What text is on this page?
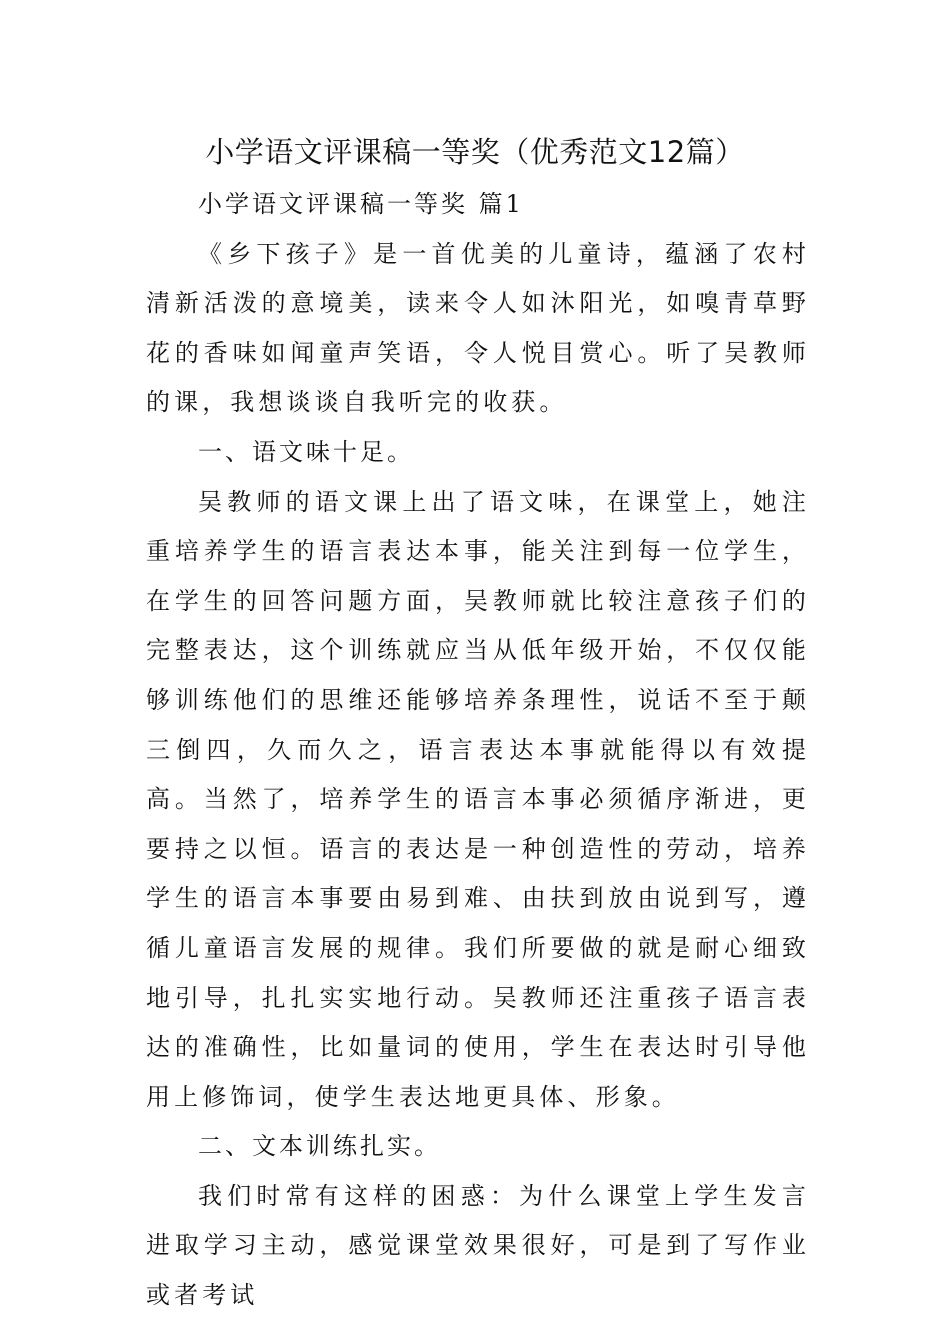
小学语文评课稿一等奖（优秀范文12篇）

小学语文评课稿一等奖 篇1

《乡下孩子》是一首优美的儿童诗，蕴涵了农村清新活泼的意境美，读来令人如沐阳光，如嗅青草野花的香味如闻童声笑语，令人悦目赏心。听了吴教师的课，我想谈谈自我听完的收获。

一、语文味十足。

吴教师的语文课上出了语文味，在课堂上，她注重培养学生的语言表达本事，能关注到每一位学生，在学生的回答问题方面，吴教师就比较注意孩子们的完整表达，这个训练就应当从低年级开始，不仅仅能够训练他们的思维还能够培养条理性，说话不至于颠三倒四，久而久之，语言表达本事就能得以有效提高。当然了，培养学生的语言本事必须循序渐进，更要持之以恒。语言的表达是一种创造性的劳动，培养学生的语言本事要由易到难、由扶到放由说到写，遵循儿童语言发展的规律。我们所要做的就是耐心细致地引导，扎扎实实地行动。吴教师还注重孩子语言表达的准确性，比如量词的使用，学生在表达时引导他用上修饰词，使学生表达地更具体、形象。

二、文本训练扎实。

我们时常有这样的困惑：为什么课堂上学生发言进取学习主动，感觉课堂效果很好，可是到了写作业或者考试
